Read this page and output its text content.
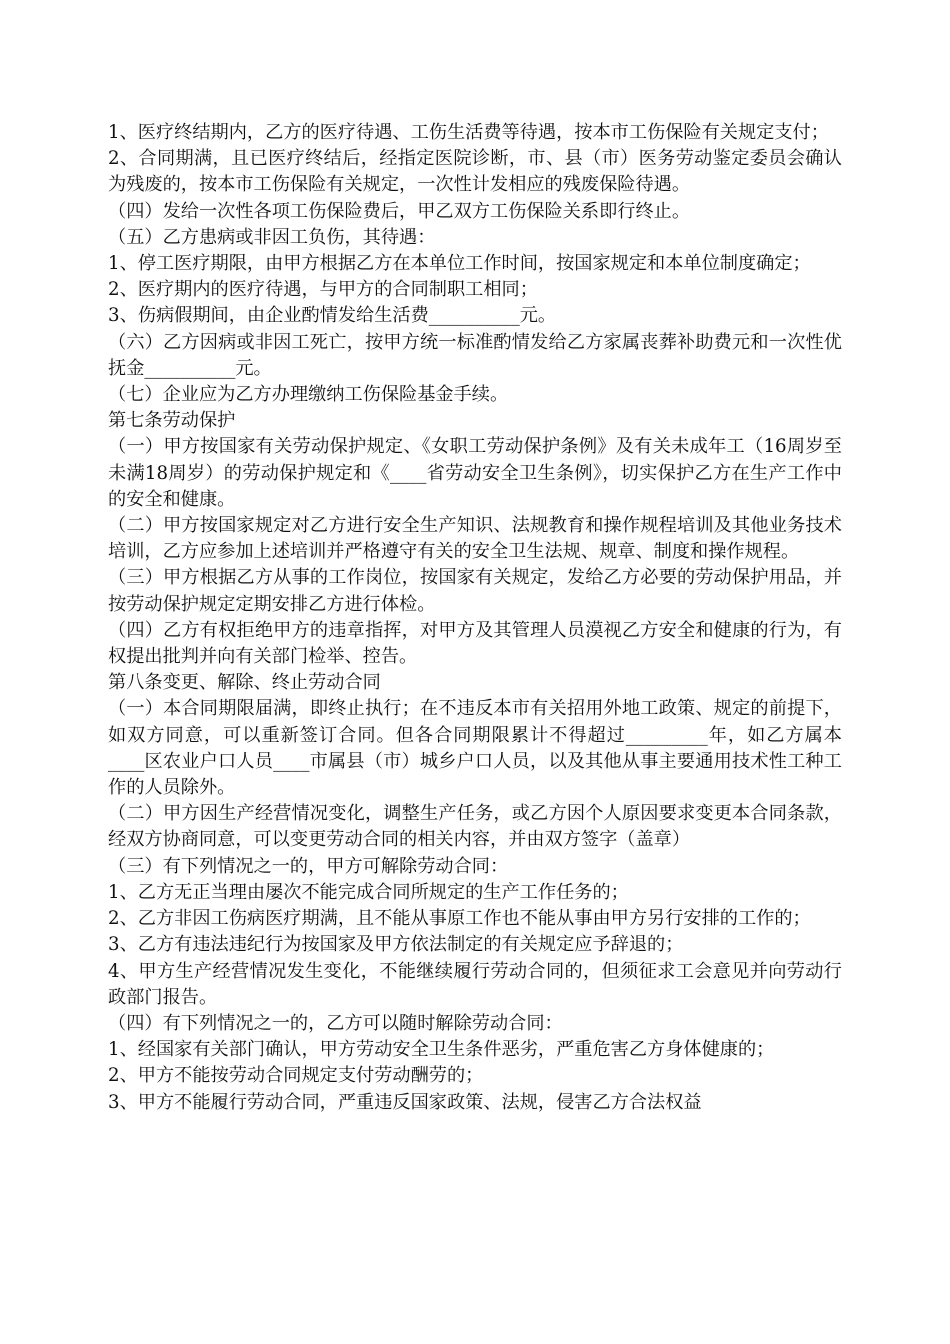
1、医疗终结期内，乙方的医疗待遇、工伤生活费等待遇，按本市工伤保险有关规定支付；

2、合同期满，且已医疗终结后，经指定医院诊断，市、县（市）医务劳动鉴定委员会确认为残废的，按本市工伤保险有关规定，一次性计发相应的残废保险待遇。

（四）发给一次性各项工伤保险费后，甲乙双方工伤保险关系即行终止。

（五）乙方患病或非因工负伤，其待遇：

1、停工医疗期限，由甲方根据乙方在本单位工作时间，按国家规定和本单位制度确定；

2、医疗期内的医疗待遇，与甲方的合同制职工相同；

3、伤病假期间，由企业酌情发给生活费__________元。

（六）乙方因病或非因工死亡，按甲方统一标准酌情发给乙方家属丧葬补助费元和一次性优抚金__________元。

（七）企业应为乙方办理缴纳工伤保险基金手续。

第七条劳动保护

（一）甲方按国家有关劳动保护规定、《女职工劳动保护条例》及有关未成年工（16周岁至未满18周岁）的劳动保护规定和《____省劳动安全卫生条例》，切实保护乙方在生产工作中的安全和健康。

（二）甲方按国家规定对乙方进行安全生产知识、法规教育和操作规程培训及其他业务技术培训，乙方应参加上述培训并严格遵守有关的安全卫生法规、规章、制度和操作规程。

（三）甲方根据乙方从事的工作岗位，按国家有关规定，发给乙方必要的劳动保护用品，并按劳动保护规定定期安排乙方进行体检。

（四）乙方有权拒绝甲方的违章指挥，对甲方及其管理人员漠视乙方安全和健康的行为，有权提出批判并向有关部门检举、控告。

第八条变更、解除、终止劳动合同

（一）本合同期限届满，即终止执行；在不违反本市有关招用外地工政策、规定的前提下，如双方同意，可以重新签订合同。但各合同期限累计不得超过_________年，如乙方属本____区农业户口人员____市属县（市）城乡户口人员，以及其他从事主要通用技术性工种工作的人员除外。

（二）甲方因生产经营情况变化，调整生产任务，或乙方因个人原因要求变更本合同条款，经双方协商同意，可以变更劳动合同的相关内容，并由双方签字（盖章）

（三）有下列情况之一的，甲方可解除劳动合同：

1、乙方无正当理由屡次不能完成合同所规定的生产工作任务的；

2、乙方非因工伤病医疗期满，且不能从事原工作也不能从事由甲方另行安排的工作的；

3、乙方有违法违纪行为按国家及甲方依法制定的有关规定应予辞退的；

4、甲方生产经营情况发生变化，不能继续履行劳动合同的，但须征求工会意见并向劳动行政部门报告。

（四）有下列情况之一的，乙方可以随时解除劳动合同：

1、经国家有关部门确认，甲方劳动安全卫生条件恶劣，严重危害乙方身体健康的；

2、甲方不能按劳动合同规定支付劳动酬劳的；

3、甲方不能履行劳动合同，严重违反国家政策、法规，侵害乙方合法权益
